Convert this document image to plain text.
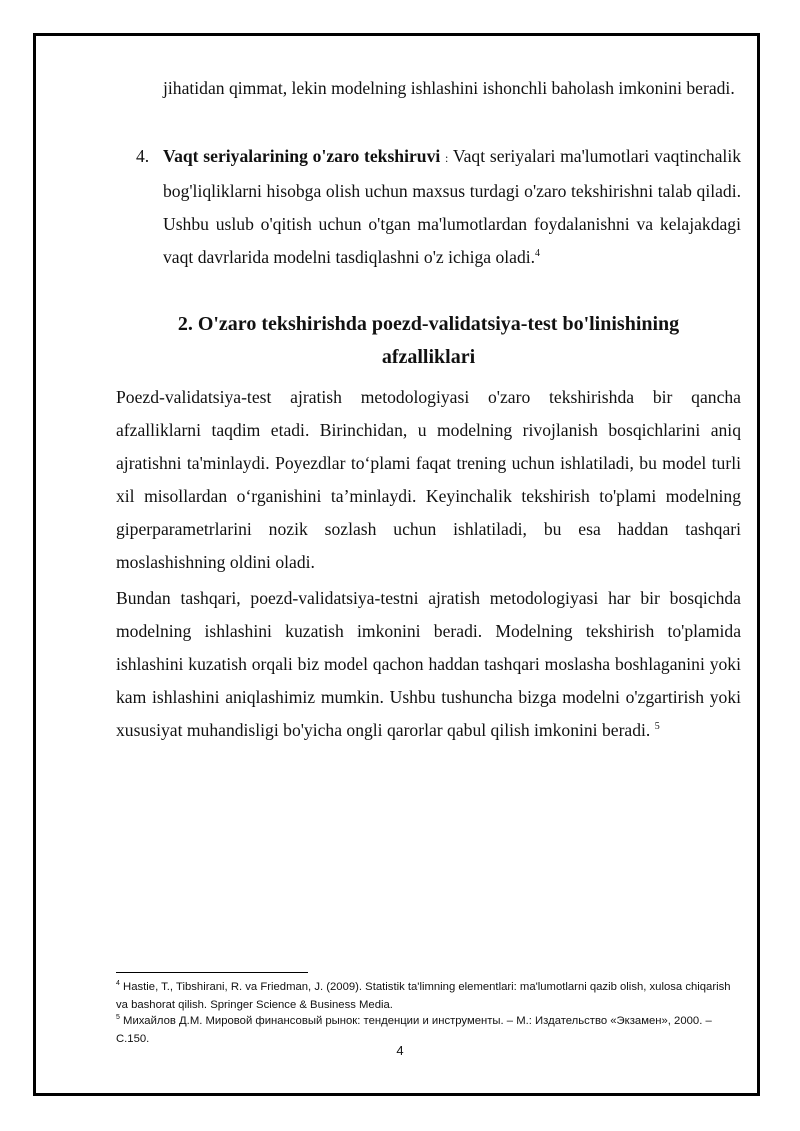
jihatidan qimmat, lekin modelning ishlashini ishonchli baholash imkonini beradi.

4. Vaqt seriyalarining o'zaro tekshiruvi : Vaqt seriyalari ma'lumotlari vaqtinchalik bog'liqliklarni hisobga olish uchun maxsus turdagi o'zaro tekshirishni talab qiladi. Ushbu uslub o'qitish uchun o'tgan ma'lumotlardan foydalanishni va kelajakdagi vaqt davrlarida modelni tasdiqlashni o'z ichiga oladi.$^4$

2. O'zaro tekshirishda poezd-validatsiya-test bo'linishining
afzalliklari

Poezd-validatsiya-test ajratish metodologiyasi o'zaro tekshirishda bir qancha afzalliklarni taqdim etadi. Birinchidan, u modelning rivojlanish bosqichlarini aniq ajratishni ta'minlaydi. Poyezdlar to‘plami faqat trening uchun ishlatiladi, bu model turli xil misollardan o‘rganishini ta’minlaydi. Keyinchalik tekshirish to'plami modelning giperparametrlarini nozik sozlash uchun ishlatiladi, bu esa haddan tashqari moslashishning oldini oladi.

Bundan tashqari, poezd-validatsiya-testni ajratish metodologiyasi har bir bosqichda modelning ishlashini kuzatish imkonini beradi. Modelning tekshirish to'plamida ishlashini kuzatish orqali biz model qachon haddan tashqari moslasha boshlaganini yoki kam ishlashini aniqlashimiz mumkin. Ushbu tushuncha bizga modelni o'zgartirish yoki xususiyat muhandisligi bo'yicha ongli qarorlar qabul qilish imkonini beradi. $^5$

$^4$ Hastie, T., Tibshirani, R. va Friedman, J. (2009). Statistik ta'limning elementlari: ma'lumotlarni qazib olish, xulosa chiqarish va bashorat qilish. Springer Science & Business Media.

$^5$ Михайлов Д.М. Мировой финансовый рынок: тенденции и инструменты. – М.: Издательство «Экзамен», 2000. – С.150.

4
